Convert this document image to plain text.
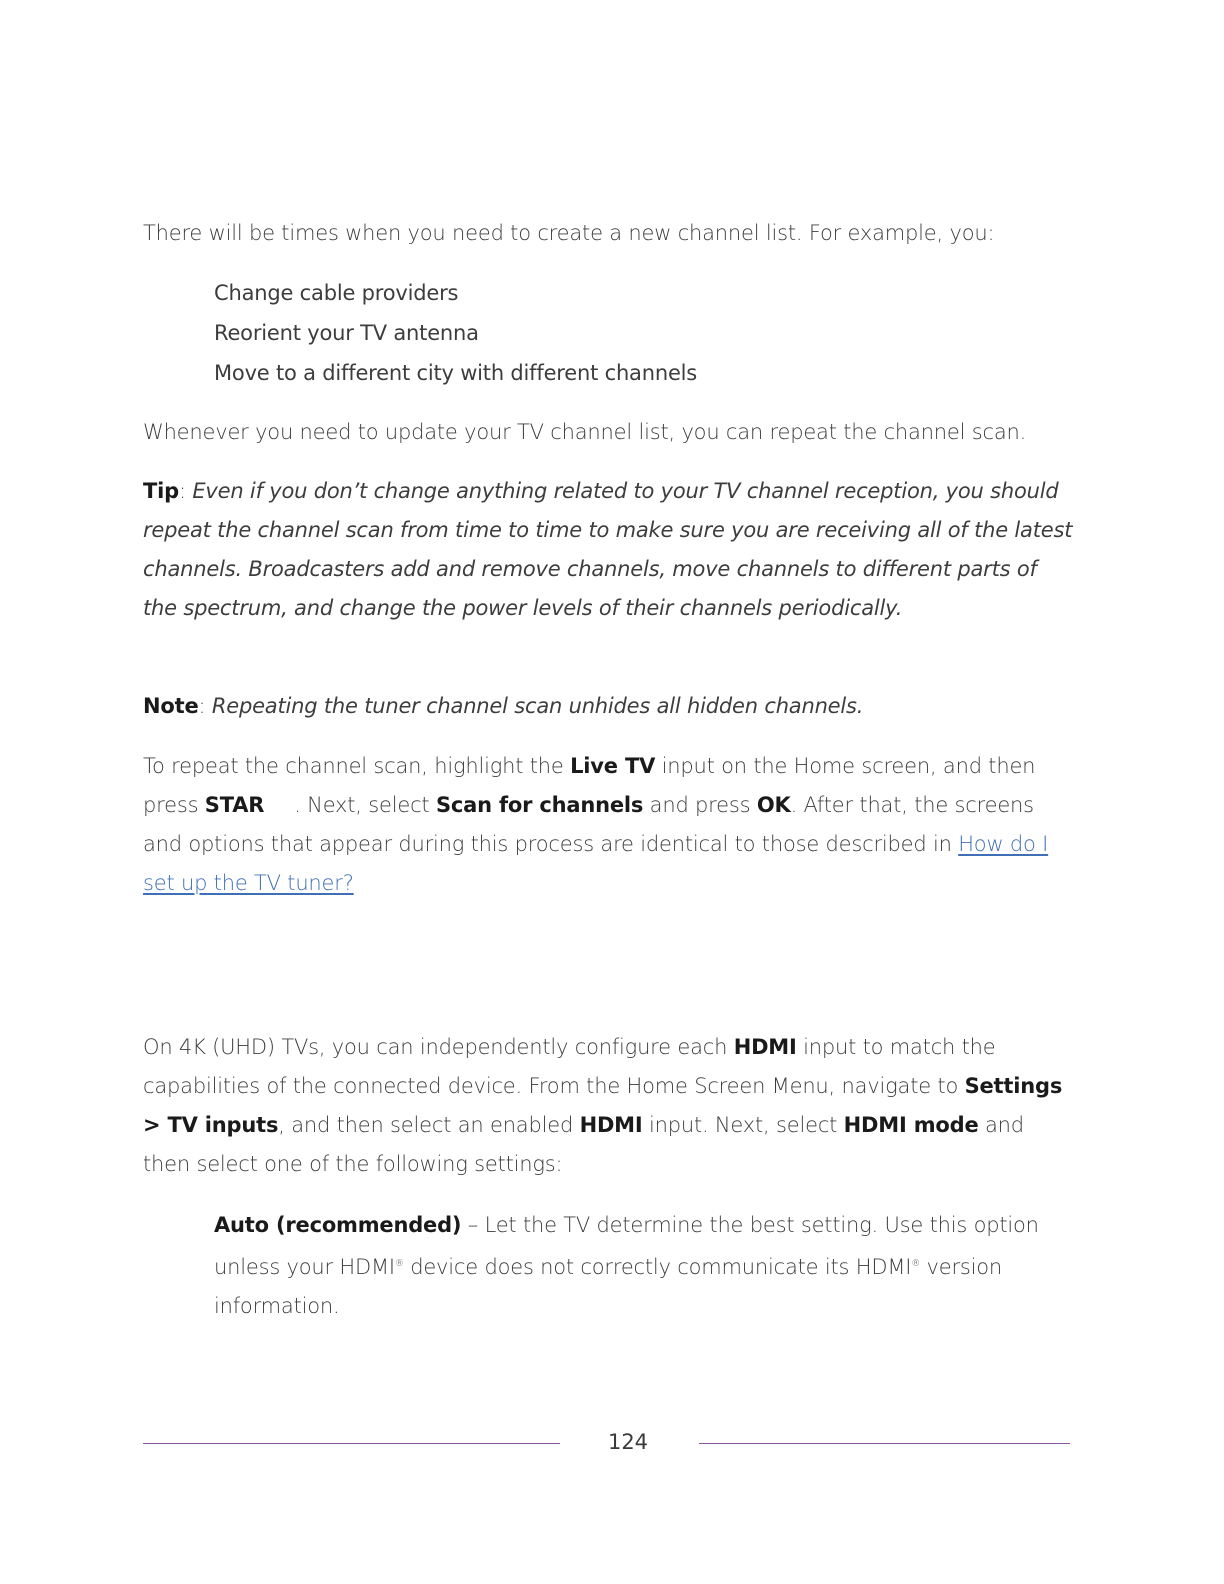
There will be times when you need to create a new channel list. For example, you:

Change cable providers

Reorient your TV antenna

Move to a different city with different channels

Whenever you need to update your TV channel list, you can repeat the channel scan.

Tip: Even if you don’t change anything related to your TV channel reception, you should repeat the channel scan from time to time to make sure you are receiving all of the latest channels. Broadcasters add and remove channels, move channels to different parts of the spectrum, and change the power levels of their channels periodically.

Note: Repeating the tuner channel scan unhides all hidden channels.

To repeat the channel scan, highlight the Live TV input on the Home screen, and then press STAR . Next, select Scan for channels and press OK. After that, the screens and options that appear during this process are identical to those described in How do I set up the TV tuner?

On 4K (UHD) TVs, you can independently configure each HDMI input to match the capabilities of the connected device. From the Home Screen Menu, navigate to Settings > TV inputs, and then select an enabled HDMI input. Next, select HDMI mode and then select one of the following settings:

Auto (recommended) – Let the TV determine the best setting. Use this option unless your HDMI® device does not correctly communicate its HDMI® version information.

124
